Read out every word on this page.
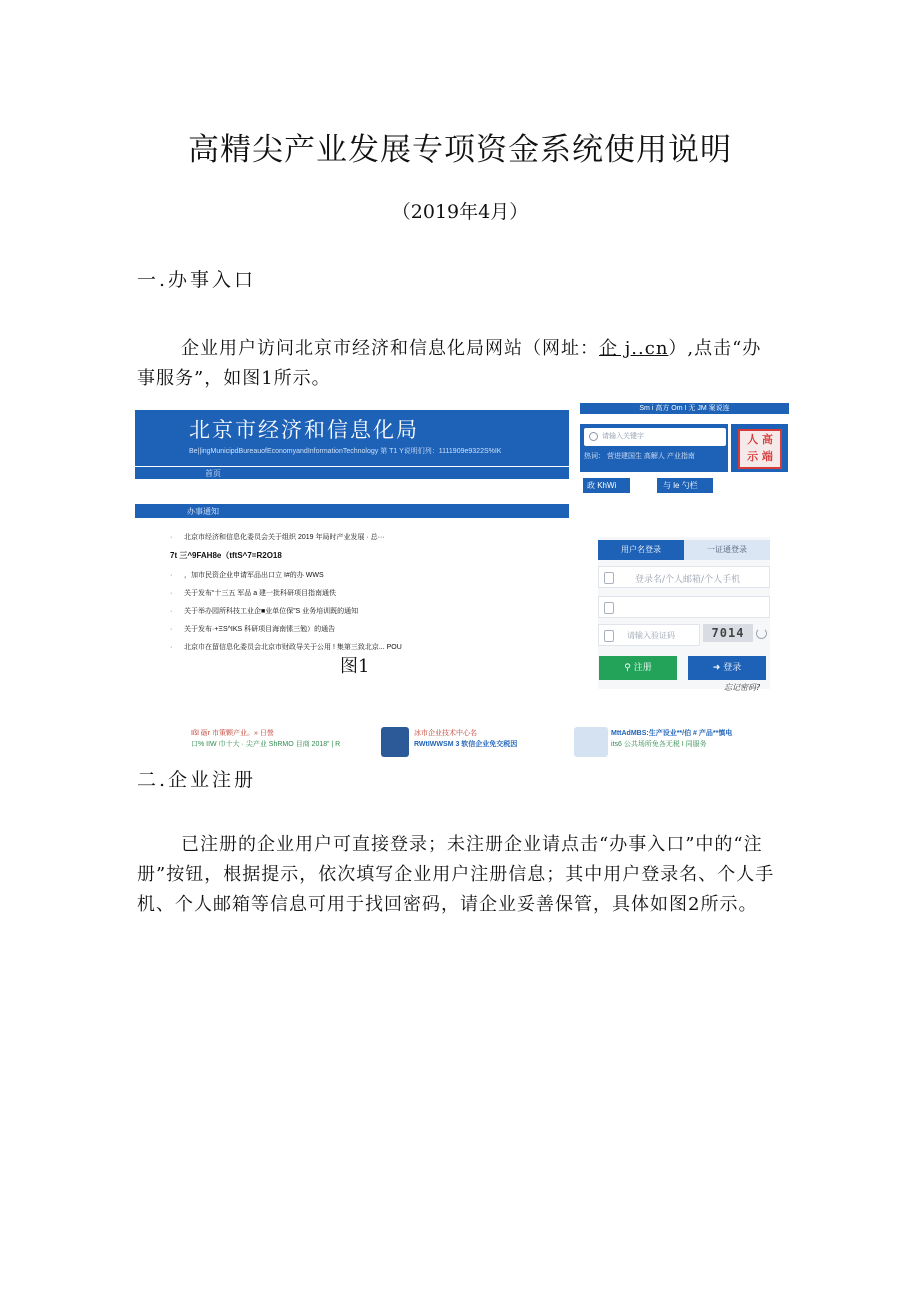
高精尖产业发展专项资金系统使用说明
（2019年4月）
一.办事入口
企业用户访问北京市经济和信息化局网站（网址：企 j..cn）,点击“办事服务”，如图1所示。
北京市经济和信息化局
Be||ingMunicipdBureauofEconomyandInformationTechnology 第 T1 Y说明们列：1111909e9322S%IK
首页
办事通知
Sm i 高方 Om I 无 JM 案说连
请输入关键字
热词： 营进建国生 高解人 产业指南
人 高 示 端
政 KhWi	与 le 勺栏
· 北京市经济和信息化委员会关于组织 2019 年局时产业发展 · 总···
7t 三^9FAH8e（tftS^7=R2O18
· ，加市民资企业申请军品出口立 I#的办 WWS
· 关于发布“十三五 军品 a 建一批科研项目指南通佚
· 关于举办园所科技工业企■业单位保”S 业务培训既的通知
· 关于发布·+ΞS^IKS 科研项目海南愫三勉）的通告
· 北京巾在留信息化委员会北京市财政导关于公用 ! 集第三致北京... POU
用户名登录	一证通登录
登录名/个人邮箱/个人手机
请输入验证码	7014
⚲ 注册	➜ 登录
忘记密码?
图1
Ißl 砺r 市策颗产业。» 日營
口% IIW 巾十大 · 尖产业 ShRMO 目商 2018” | R
冰市企业技术中心名
RWtIWWSM 3 软信企业免交税因
MttAdMBS:生产设业**/伯 # 产品**慎电
its6 公共场所免各无税 I 同服务
二.企业注册
已注册的企业用户可直接登录；未注册企业请点击“办事入口”中的“注册”按钮，根据提示，依次填写企业用户注册信息；其中用户登录名、个人手机、个人邮箱等信息可用于找回密码，请企业妥善保管，具体如图2所示。
